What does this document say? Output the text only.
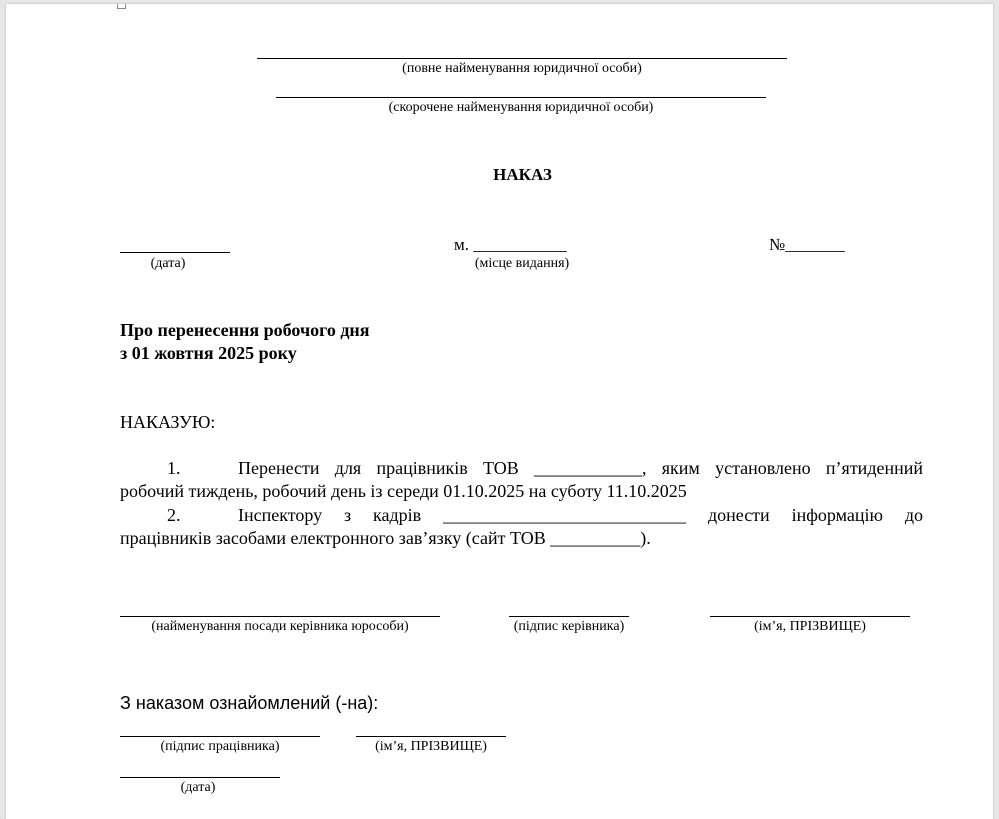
(повне найменування юридичної особи)
(скорочене найменування юридичної особи)
НАКАЗ
(дата)
м. ___________
(місце видання)
№_______
Про перенесення робочого дня
з 01 жовтня 2025 року
НАКАЗУЮ:
1.	Перенести для працівників ТОВ ____________, яким установлено п’ятиденний
робочий тиждень, робочий день із середи 01.10.2025 на суботу 11.10.2025
2.	Інспектору з кадрів ___________________________ донести інформацію до
працівників засобами електронного зав’язку (сайт ТОВ __________).
(найменування посади керівника юрособи)	(підпис керівника)	(ім’я, ПРІЗВИЩЕ)
З наказом ознайомлений (-на):
(підпис працівника)	(ім’я, ПРІЗВИЩЕ)
(дата)
